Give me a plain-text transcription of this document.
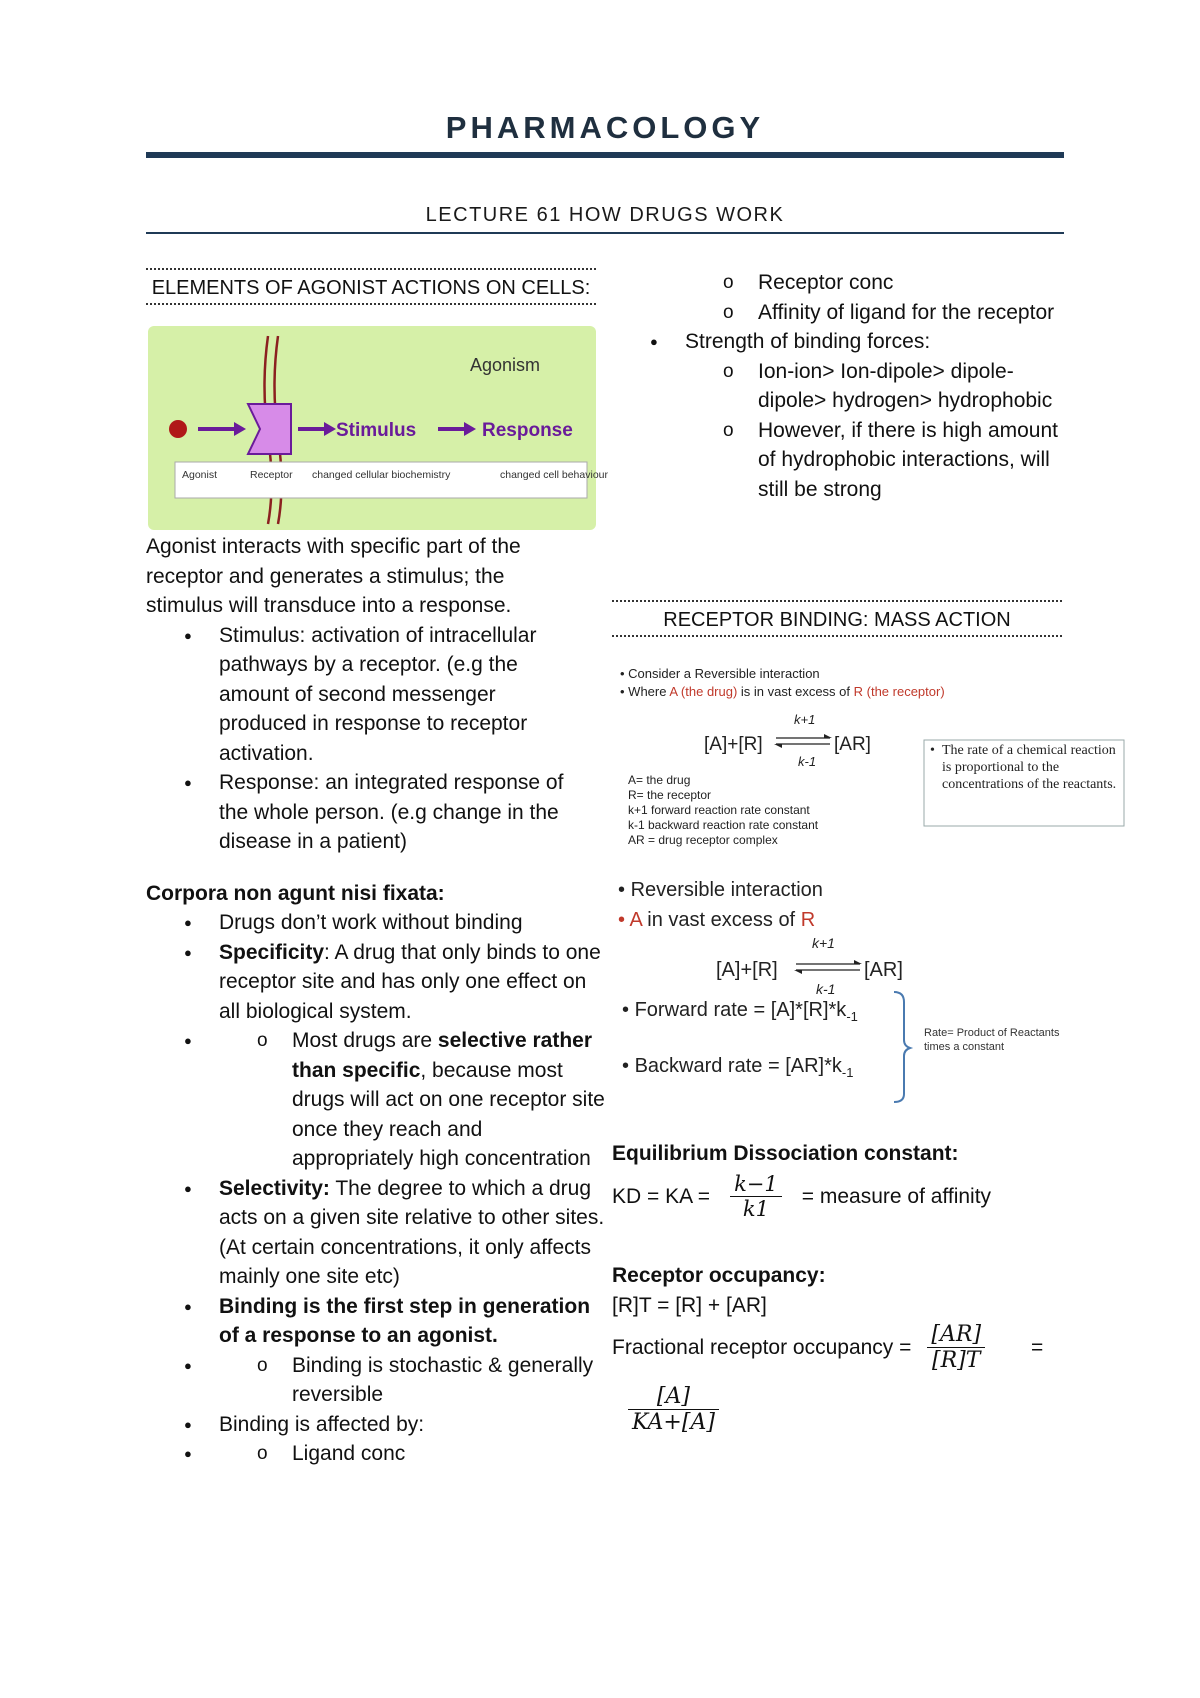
PHARMACOLOGY
LECTURE 61 HOW DRUGS WORK
ELEMENTS OF AGONIST ACTIONS ON CELLS:
Agonism
Stimulus	Response
Agonist	Receptor changed cellular biochemistry	changed cell behaviour
Agonist interacts with specific part of the receptor and generates a stimulus; the stimulus will transduce into a response.
● Stimulus: activation of intracellular pathways by a receptor. (e.g the amount of second messenger produced in response to receptor activation.
● Response: an integrated response of the whole person. (e.g change in the disease in a patient)
Corpora non agunt nisi fixata:
● Drugs don’t work without binding
● Specificity: A drug that only binds to one receptor site and has only one effect on all biological system.
o ● Most drugs are selective rather than specific, because most drugs will act on one receptor site once they reach and appropriately high concentration
● Selectivity: The degree to which a drug acts on a given site relative to other sites. (At certain concentrations, it only affects mainly one site etc)
● Binding is the first step in generation of a response to an agonist.
o ● Binding is stochastic & generally reversible
● Binding is affected by:
o ● Ligand conc
o Receptor conc
o Affinity of ligand for the receptor
● Strength of binding forces:
o Ion-ion> Ion-dipole> dipole-dipole> hydrogen> hydrophobic
o However, if there is high amount of hydrophobic interactions, will still be strong
RECEPTOR BINDING: MASS ACTION
• Consider a Reversible interaction
• Where A (the drug) is in vast excess of R (the receptor)
[A]+[R]
k+1
k-1
[AR]
A= the drug
R= the receptor
k+1 forward reaction rate constant
k-1 backward reaction rate constant
AR = drug receptor complex
• The rate of a chemical reaction is proportional to the concentrations of the reactants.
• Reversible interaction
• A in vast excess of R
[A]+[R]
k+1
k-1
[AR]
• Forward rate = $[A]*[R]*k_{-1}$
• Backward rate = $[AR]*k_{-1}$
Rate= Product of Reactants times a constant
Equilibrium Dissociation constant:
KD = KA = $\frac{k-1}{k1}$ = measure of affinity
Receptor occupancy:
[R]T = [R] + [AR]
Fractional receptor occupancy = $\frac{[AR]}{[R]T}$ =
$\frac{[A]}{KA+[A]}$
